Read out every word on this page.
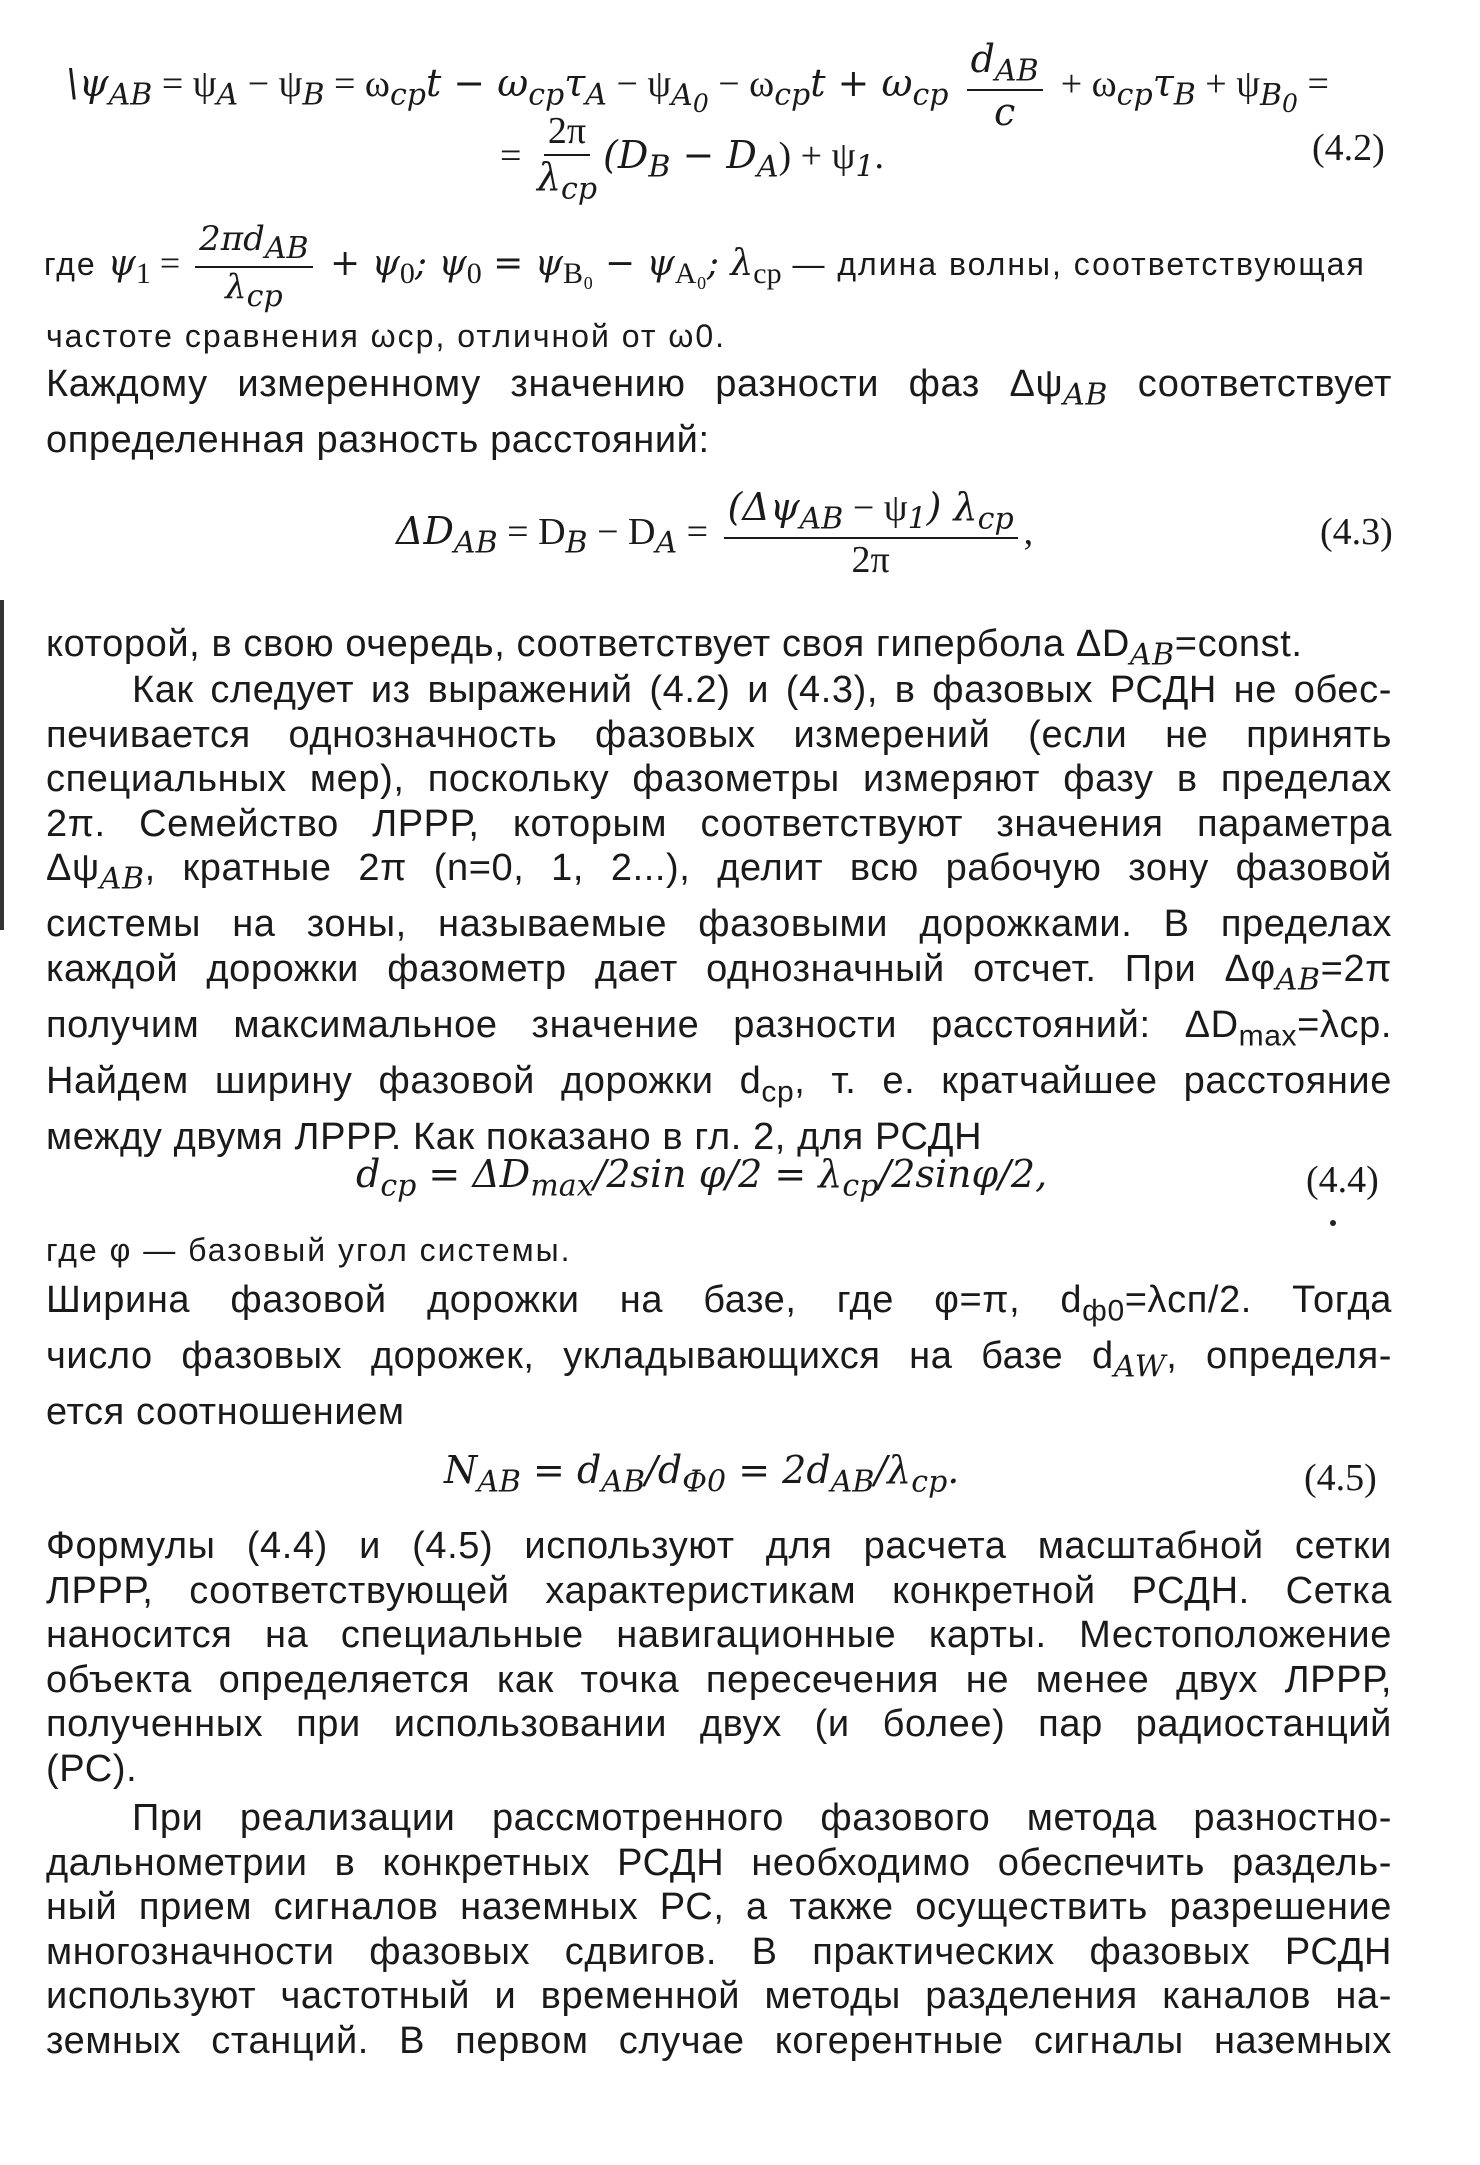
$\backslash\psi_{AB} = \psi_A - \psi_B = \omega_{ср}t - \omega_{ср}\tau_A - \psi_{A_0} - \omega_{ср}t + \omega_{ср} \frac{d_{AB}}{c} + \omega_{ср}\tau_B + \psi_{B_0}$ =
= $\frac{2\pi}{\lambda_{ср}} (D_B - D_A) + \psi_1$.	(4.2)
где $\psi_1 = \frac{2\pi d_{AB}}{\lambda_{ср}} + \psi_0$; $\psi_0 = \psi_{B_0} - \psi_{A_0}$; $\lambda_{ср}$ — длина волны, соответствующая
частоте сравнения ωср, отличной от ω0.
Каждому измеренному значению разности фаз $\Delta\psi_{AB}$ соответствует
определенная разность расстояний:
$\Delta D_{AB} = D_B - D_A = \frac{(\Delta\psi_{AB} - \psi_1) \lambda_{ср}}{2\pi}$ ,	(4.3)
которой, в свою очередь, соответствует своя гипербола $\Delta D_{AB}=const$.
Как следует из выражений (4.2) и (4.3), в фазовых РСДН не обес-
печивается однозначность фазовых измерений (если не принять
специальных мер), поскольку фазометры измеряют фазу в пределах
2π. Семейство ЛРРР, которым соответствуют значения параметра
$\Delta\psi_{AB}$, кратные 2π (n=0, 1, 2...), делит всю рабочую зону фазовой
системы на зоны, называемые фазовыми дорожками. В пределах
каждой дорожки фазометр дает однозначный отсчет. При $\Delta\varphi_{AB}=2\pi$
получим максимальное значение разности расстояний: $\Delta D_{max}=\lambda ср$.
Найдем ширину фазовой дорожки $d_{ср}$, т. е. кратчайшее расстояние
между двумя ЛРРР. Как показано в гл. 2, для РСДН
$d_{ср} = \Delta D_{max}/2\sin$ $\varphi/2 = \lambda_{ср}/2\sin\varphi/2$,	(4.4)
где φ — базовый угол системы.
Ширина фазовой дорожки на базе, где φ=π, $d_{ф0}=\lambda сп/2$. Тогда
число фазовых дорожек, укладывающихся на базе $d_{AW}$, определя-
ется соотношением
$N_{AB} = d_{AB}/d_{Ф0} = 2d_{AB}/\lambda_{ср}$.	(4.5)
Формулы (4.4) и (4.5) используют для расчета масштабной сетки
ЛРРР, соответствующей характеристикам конкретной РСДН. Сетка
наносится на специальные навигационные карты. Местоположение
объекта определяется как точка пересечения не менее двух ЛРРР,
полученных при использовании двух (и более) пар радиостанций
(РС).
При реализации рассмотренного фазового метода разностно-
дальнометрии в конкретных РСДН необходимо обеспечить раздель-
ный прием сигналов наземных РС, а также осуществить разрешение
многозначности фазовых сдвигов. В практических фазовых РСДН
используют частотный и временной методы разделения каналов на-
земных станций. В первом случае когерентные сигналы наземных
